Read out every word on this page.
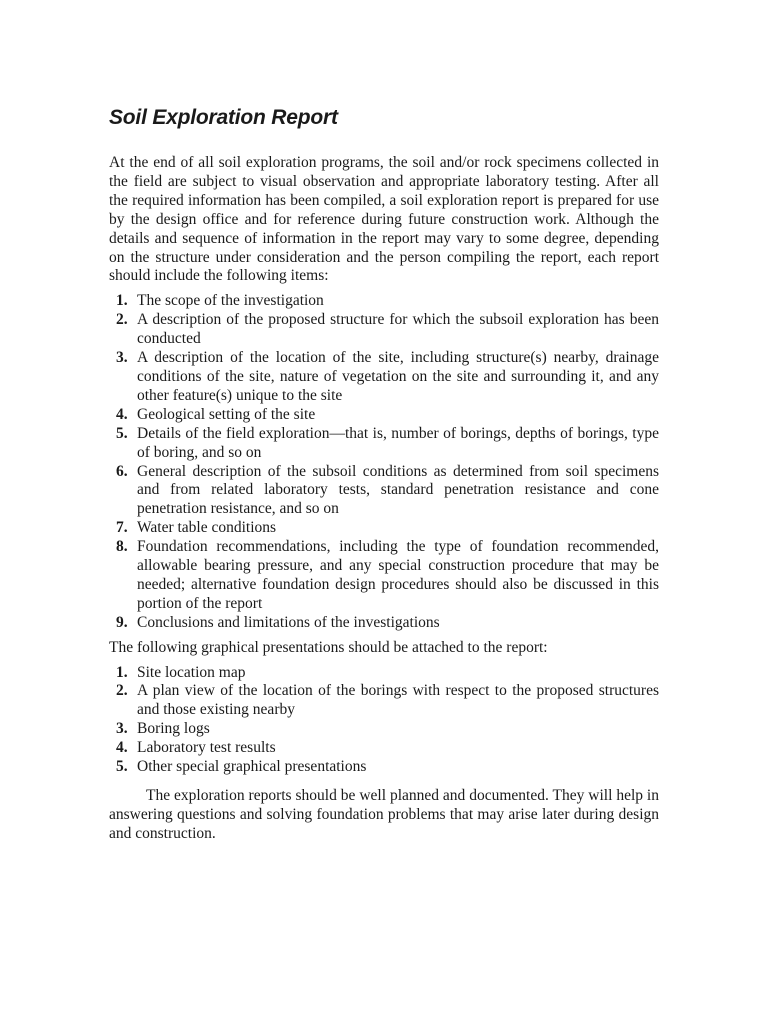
Soil Exploration Report

At the end of all soil exploration programs, the soil and/or rock specimens collected in the field are subject to visual observation and appropriate laboratory testing. After all the required information has been compiled, a soil exploration report is prepared for use by the design office and for reference during future construction work. Although the details and sequence of information in the report may vary to some degree, depending on the structure under consideration and the person compiling the report, each report should include the following items:

1. The scope of the investigation
2. A description of the proposed structure for which the subsoil exploration has been conducted
3. A description of the location of the site, including structure(s) nearby, drainage conditions of the site, nature of vegetation on the site and surrounding it, and any other feature(s) unique to the site
4. Geological setting of the site
5. Details of the field exploration—that is, number of borings, depths of borings, type of boring, and so on
6. General description of the subsoil conditions as determined from soil specimens and from related laboratory tests, standard penetration resistance and cone penetration resistance, and so on
7. Water table conditions
8. Foundation recommendations, including the type of foundation recommended, allowable bearing pressure, and any special construction procedure that may be needed; alternative foundation design procedures should also be discussed in this portion of the report
9. Conclusions and limitations of the investigations

The following graphical presentations should be attached to the report:

1. Site location map
2. A plan view of the location of the borings with respect to the proposed structures and those existing nearby
3. Boring logs
4. Laboratory test results
5. Other special graphical presentations

The exploration reports should be well planned and documented. They will help in answering questions and solving foundation problems that may arise later during design and construction.
